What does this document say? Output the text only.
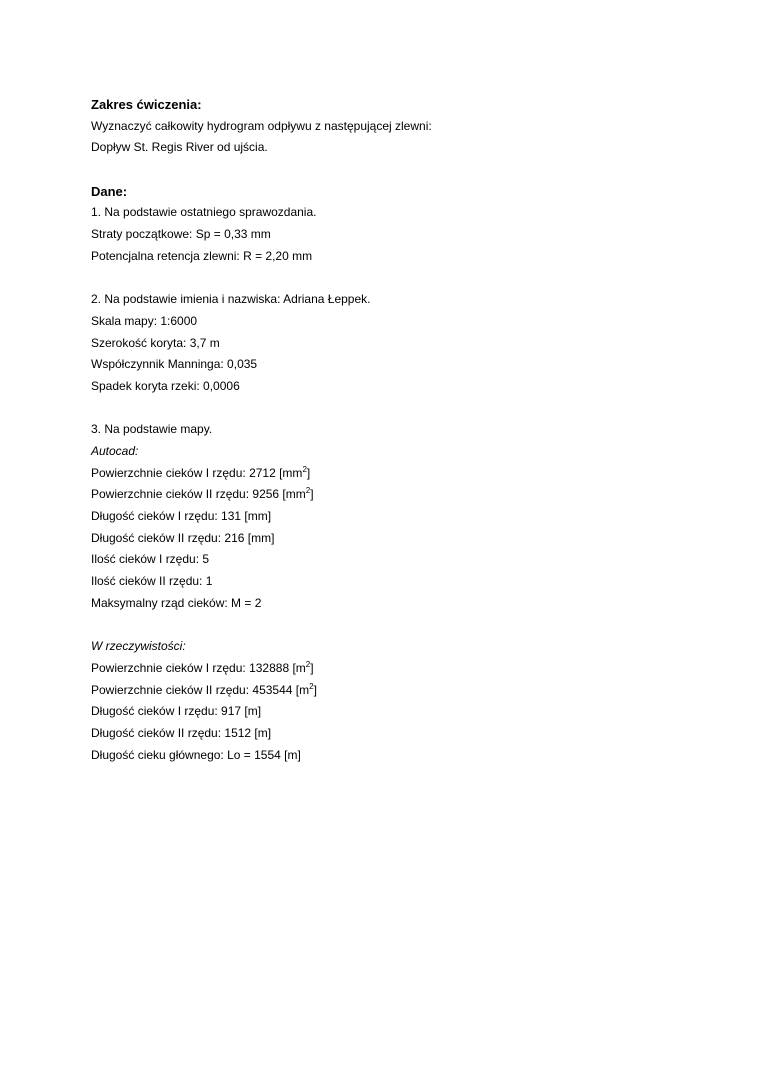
Zakres ćwiczenia:
Wyznaczyć całkowity hydrogram odpływu z następującej zlewni:
Dopływ St. Regis River od ujścia.
Dane:
1. Na podstawie ostatniego sprawozdania.
Straty początkowe: Sp = 0,33 mm
Potencjalna retencja zlewni: R = 2,20 mm
2. Na podstawie imienia i nazwiska: Adriana Łeppek.
Skala mapy: 1:6000
Szerokość koryta: 3,7 m
Współczynnik Manninga: 0,035
Spadek koryta rzeki: 0,0006
3. Na podstawie mapy.
Autocad:
Powierzchnie cieków I rzędu: 2712 $[mm^2]$
Powierzchnie cieków II rzędu: 9256 $[mm^2]$
Długość cieków I rzędu: 131 [mm]
Długość cieków II rzędu: 216 [mm]
Ilość cieków I rzędu: 5
Ilość cieków II rzędu: 1
Maksymalny rząd cieków: M = 2
W rzeczywistości:
Powierzchnie cieków I rzędu: 132888 $[m^2]$
Powierzchnie cieków II rzędu: 453544 $[m^2]$
Długość cieków I rzędu: 917 [m]
Długość cieków II rzędu: 1512 [m]
Długość cieku głównego: Lo = 1554 [m]
